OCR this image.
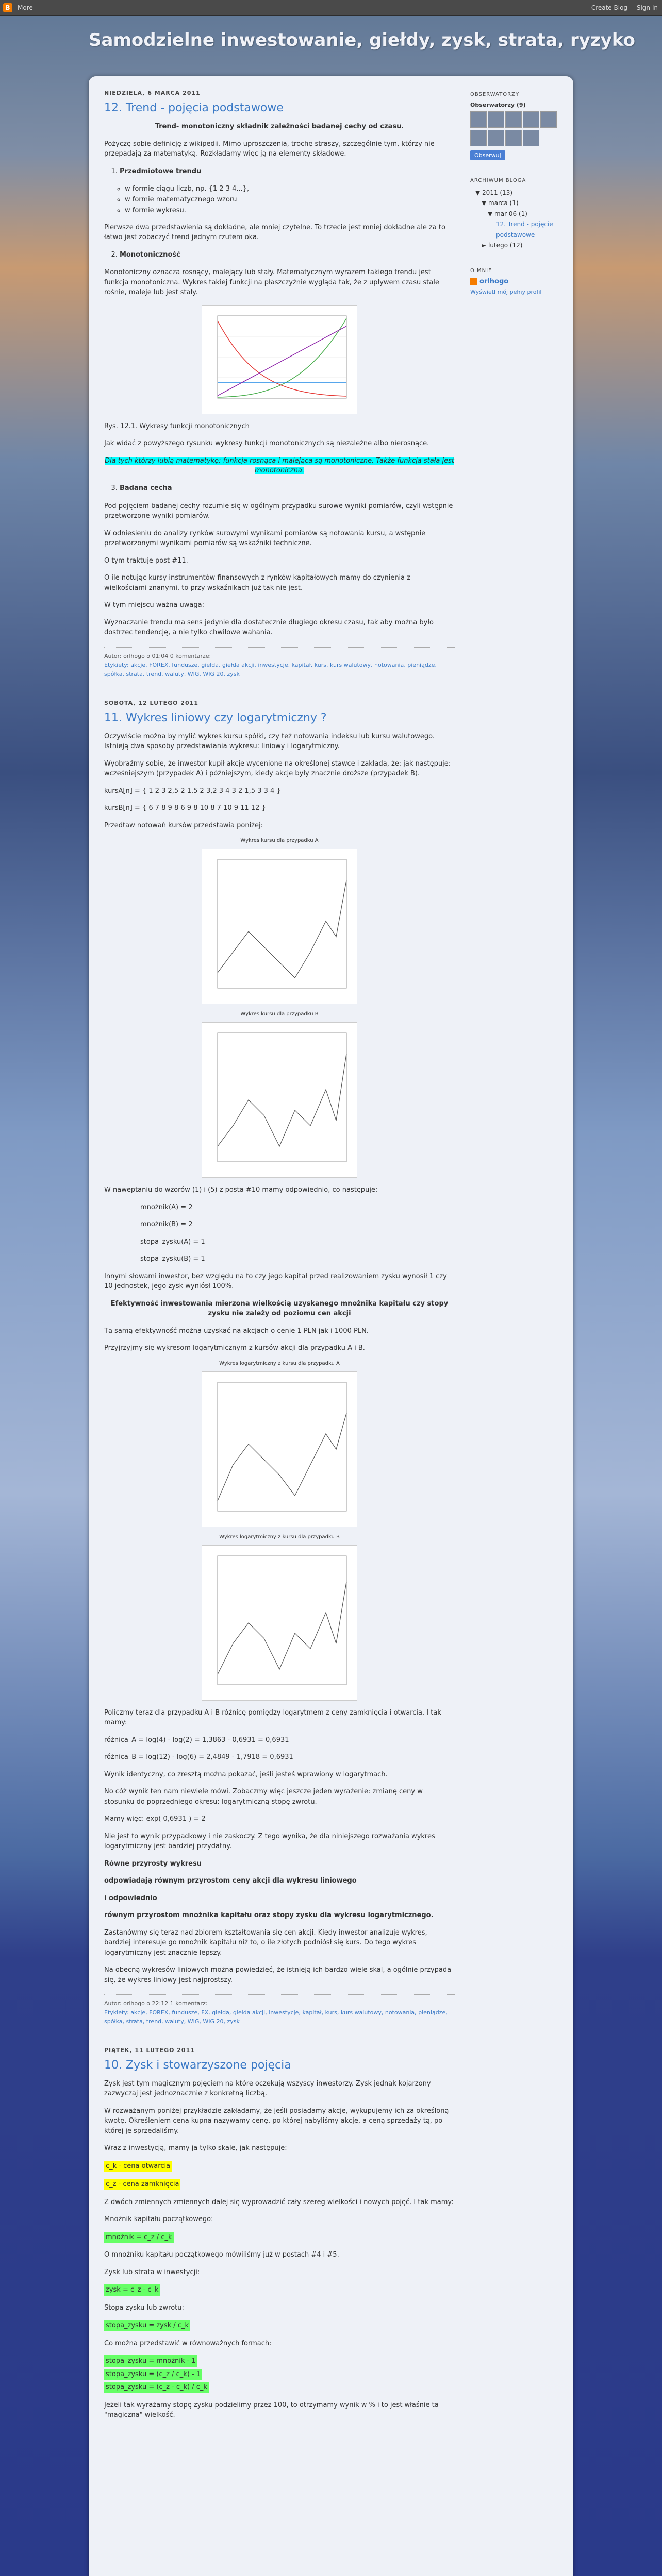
B	More	Create Blog Sign In
Samodzielne inwestowanie, giełdy, zysk, strata, ryzyko
NIEDZIELA, 6 MARCA 2011
12. Trend - pojęcia podstawowe

Trend- monotoniczny składnik zależności badanej cechy od czasu.

Pożyczę sobie definicję z wikipedii. Mimo uproszczenia, trochę straszy, szczególnie tym, którzy nie przepadają za matematyką. Rozkładamy więc ją na elementy składowe.

1. Przedmiotowe trendu
◦ w formie ciągu liczb, np. {1 2 3 4...},
◦ w formie matematycznego wzoru
◦ w formie wykresu.

Pierwsze dwa przedstawienia są dokładne, ale mniej czytelne. To trzecie jest mniej dokładne ale za to łatwo jest zobaczyć trend jednym rzutem oka.

2. Monotoniczność

Monotoniczny oznacza rosnący, malejący lub stały. Matematycznym wyrazem takiego trendu jest funkcja monotoniczna. Wykres takiej funkcji na płaszczyźnie wygląda tak, że z upływem czasu stale rośnie, maleje lub jest stały.

Rys. 12.1. Wykresy funkcji monotonicznych

Jak widać z powyższego rysunku wykresy funkcji monotonicznych są niezależne albo nierosnące.

Dla tych którzy lubią matematykę: funkcja rosnąca i malejąca są monotoniczne. Także funkcja stała jest monotoniczna.

3. Badana cecha

Pod pojęciem badanej cechy rozumie się w ogólnym przypadku surowe wyniki pomiarów, czyli wstępnie przetworzone wyniki pomiarów.

W odniesieniu do analizy rynków surowymi wynikami pomiarów są notowania kursu, a wstępnie przetworzonymi wynikami pomiarów są wskaźniki techniczne.

O tym traktuje post #11.

O ile notując kursy instrumentów finansowych z rynków kapitałowych mamy do czynienia z wielkościami znanymi, to przy wskaźnikach już tak nie jest.

W tym miejscu ważna uwaga:

Wyznaczanie trendu ma sens jedynie dla dostatecznie długiego okresu czasu, tak aby można było dostrzec tendencję, a nie tylko chwilowe wahania.

Autor: orlhogo o 01:04 0 komentarze:
Etykiety: akcje, FOREX, fundusze, giełda, giełda akcji, inwestycje, kapitał, kurs, kurs walutowy, notowania, pieniądze, spółka, strata, trend, waluty, WIG, WIG 20, zysk
SOBOTA, 12 LUTEGO 2011
11. Wykres liniowy czy logarytmiczny ?

Oczywiście można by mylić wykres kursu spółki, czy też notowania indeksu lub kursu walutowego. Istnieją dwa sposoby przedstawiania wykresu: liniowy i logarytmiczny.

Wyobraźmy sobie, że inwestor kupił akcje wycenione na określonej stawce i zakłada, że: jak następuje: wcześniejszym (przypadek A) i późniejszym, kiedy akcje były znacznie droższe (przypadek B).

kursA[n] = { 1 2 3 2,5 2 1,5 2 3,2 3 4 3 2 1,5 3 3 4 }

kursB[n] = { 6 7 8 9 8 6 9 8 10 8 7 10 9 11 12 }

Przedtaw notowań kursów przedstawia poniżej:

Wykres kursu dla przypadku A
Wykres kursu dla przypadku B

W naweptaniu do wzorów (1) i (5) z posta #10 mamy odpowiednio, co następuje:

mnożnik(A) = 2

mnożnik(B) = 2

stopa_zysku(A) = 1

stopa_zysku(B) = 1

Innymi słowami inwestor, bez względu na to czy jego kapitał przed realizowaniem zysku wynosił 1 czy 10 jednostek, jego zysk wyniósł 100%.

Efektywność inwestowania mierzona wielkością uzyskanego mnożnika kapitału czy stopy zysku nie zależy od poziomu cen akcji

Tą samą efektywność można uzyskać na akcjach o cenie 1 PLN jak i 1000 PLN.

Przyjrzyjmy się wykresom logarytmicznym z kursów akcji dla przypadku A i B.

Wykres logarytmiczny z kursu dla przypadku A
Wykres logarytmiczny z kursu dla przypadku B

Policzmy teraz dla przypadku A i B różnicę pomiędzy logarytmem z ceny zamknięcia i otwarcia. I tak mamy:

różnica_A = log(4) - log(2) = 1,3863 - 0,6931 = 0,6931

różnica_B = log(12) - log(6) = 2,4849 - 1,7918 = 0,6931

Wynik identyczny, co zresztą można pokazać, jeśli jesteś wprawiony w logarytmach.

No cóż wynik ten nam niewiele mówi. Zobaczmy więc jeszcze jeden wyrażenie: zmianę ceny w stosunku do poprzedniego okresu: logarytmiczną stopę zwrotu.

Mamy więc: exp( 0,6931 ) = 2

Nie jest to wynik przypadkowy i nie zaskoczy. Z tego wynika, że dla niniejszego rozważania wykres logarytmiczny jest bardziej przydatny.

Równe przyrosty wykresu

odpowiadają równym przyrostom ceny akcji dla wykresu liniowego

i odpowiednio

równym przyrostom mnożnika kapitału oraz stopy zysku dla wykresu logarytmicznego.

Zastanówmy się teraz nad zbiorem kształtowania się cen akcji. Kiedy inwestor analizuje wykres, bardziej interesuje go mnożnik kapitału niż to, o ile złotych podniósł się kurs. Do tego wykres logarytmiczny jest znacznie lepszy.

Na obecną wykresów liniowych można powiedzieć, że istnieją ich bardzo wiele skal, a ogólnie przypada się, że wykres liniowy jest najprostszy.

Autor: orlhogo o 22:12 1 komentarz:
Etykiety: akcje, FOREX, fundusze, FX, giełda, giełda akcji, inwestycje, kapitał, kurs, kurs walutowy, notowania, pieniądze, spółka, strata, trend, waluty, WIG, WIG 20, zysk
PIĄTEK, 11 LUTEGO 2011
10. Zysk i stowarzyszone pojęcia

Zysk jest tym magicznym pojęciem na które oczekują wszyscy inwestorzy. Zysk jednak kojarzony zazwyczaj jest jednoznacznie z konkretną liczbą.

W rozważanym poniżej przykładzie zakładamy, że jeśli posiadamy akcje, wykupujemy ich za określoną kwotę. Określeniem cena kupna nazywamy cenę, po której nabyliśmy akcje, a ceną sprzedaży tą, po której je sprzedaliśmy.

Wraz z inwestycją, mamy ja tylko skale, jak następuje:

c_k - cena otwarcia

c_z - cena zamknięcia

Z dwóch zmiennych zmiennych dalej się wyprowadzić cały szereg wielkości i nowych pojęć. I tak mamy:

Mnożnik kapitału początkowego:

mnożnik = c_z / c_k

O mnożniku kapitału początkowego mówiliśmy już w postach #4 i #5.

Zysk lub strata w inwestycji:

zysk = c_z - c_k

Stopa zysku lub zwrotu:

stopa_zysku = zysk / c_k

Co można przedstawić w równoważnych formach:

stopa_zysku = mnożnik - 1

stopa_zysku = (c_z / c_k) - 1

stopa_zysku = (c_z - c_k) / c_k

Jeżeli tak wyrażamy stopę zysku podzielimy przez 100, to otrzymamy wynik w % i to jest właśnie ta "magiczna" wielkość.

OBSERWATORZY
Obserwatorzy (9)
Obserwuj
ARCHIWUM BLOGA
▼ 2011 (13)
▼ marca (1)
▼ mar 06 (1)
12. Trend - pojęcie podstawowe
► lutego (12)
O MNIE
orlhogo
Wyświetl mój pełny profil
